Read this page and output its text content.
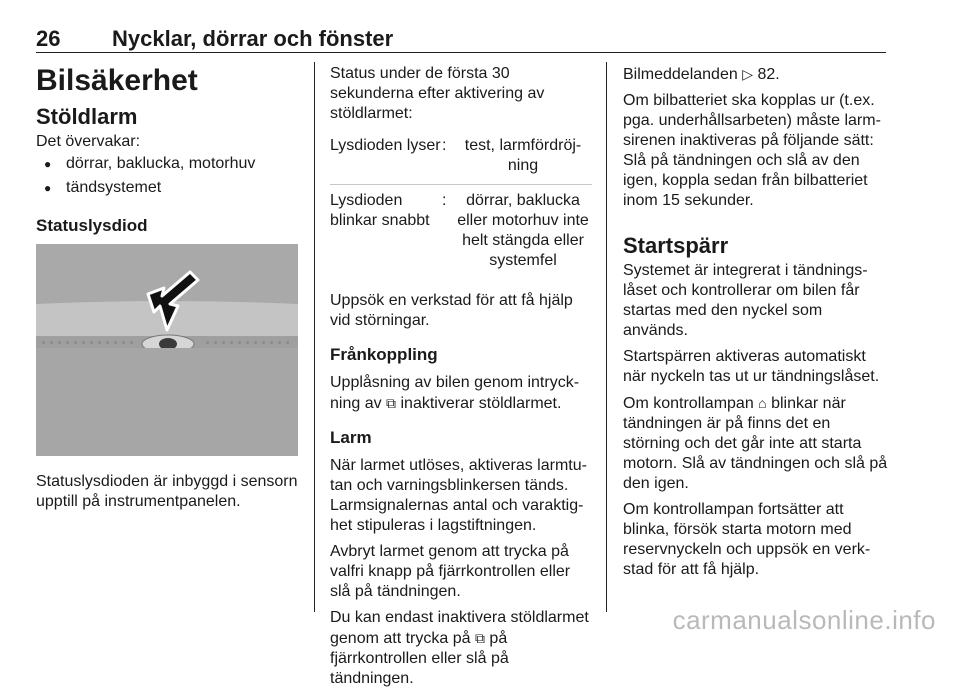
26 Nycklar, dörrar och fönster
Bilsäkerhet
Stöldlarm

Det övervakar:

● dörrar, baklucka, motorhuv
● tändsystemet
Statuslysdiod

Statuslysdioden är inbyggd i sensorn upptill på instrumentpanelen.

Status under de första 30 sekunderna efter aktivering av stöldlarmet:

Lysdioden lyser :	test, larmfördröjning
Lysdioden blinkar snabbt
:	dörrar, baklucka eller motorhuv inte helt stängda eller systemfel

Uppsök en verkstad för att få hjälp vid störningar.

Frånkoppling

Upplåsning av bilen genom intryckning av ⧉ inaktiverar stöldlarmet.

Larm

När larmet utlöses, aktiveras larmtutan och varningsblinkersen tänds. Larmsignalernas antal och varaktighet stipuleras i lagstiftningen.

Avbryt larmet genom att trycka på valfri knapp på fjärrkontrollen eller slå på tändningen.

Du kan endast inaktivera stöldlarmet genom att trycka på ⧉ på fjärrkontrollen eller slå på tändningen.

Bilmeddelanden ▷ 82.

Om bilbatteriet ska kopplas ur (t.ex. pga. underhållsarbeten) måste larmsirenen inaktiveras på följande sätt: Slå på tändningen och slå av den igen, koppla sedan från bilbatteriet inom 15 sekunder.

Startspärr

Systemet är integrerat i tändningslåset och kontrollerar om bilen får startas med den nyckel som används.

Startspärren aktiveras automatiskt när nyckeln tas ut ur tändningslåset.

Om kontrollampan ⌂ blinkar när tändningen är på finns det en störning och det går inte att starta motorn. Slå av tändningen och slå på den igen.

Om kontrollampan fortsätter att blinka, försök starta motorn med reservnyckeln och uppsök en verkstad för att få hjälp.

carmanualsonline.info
